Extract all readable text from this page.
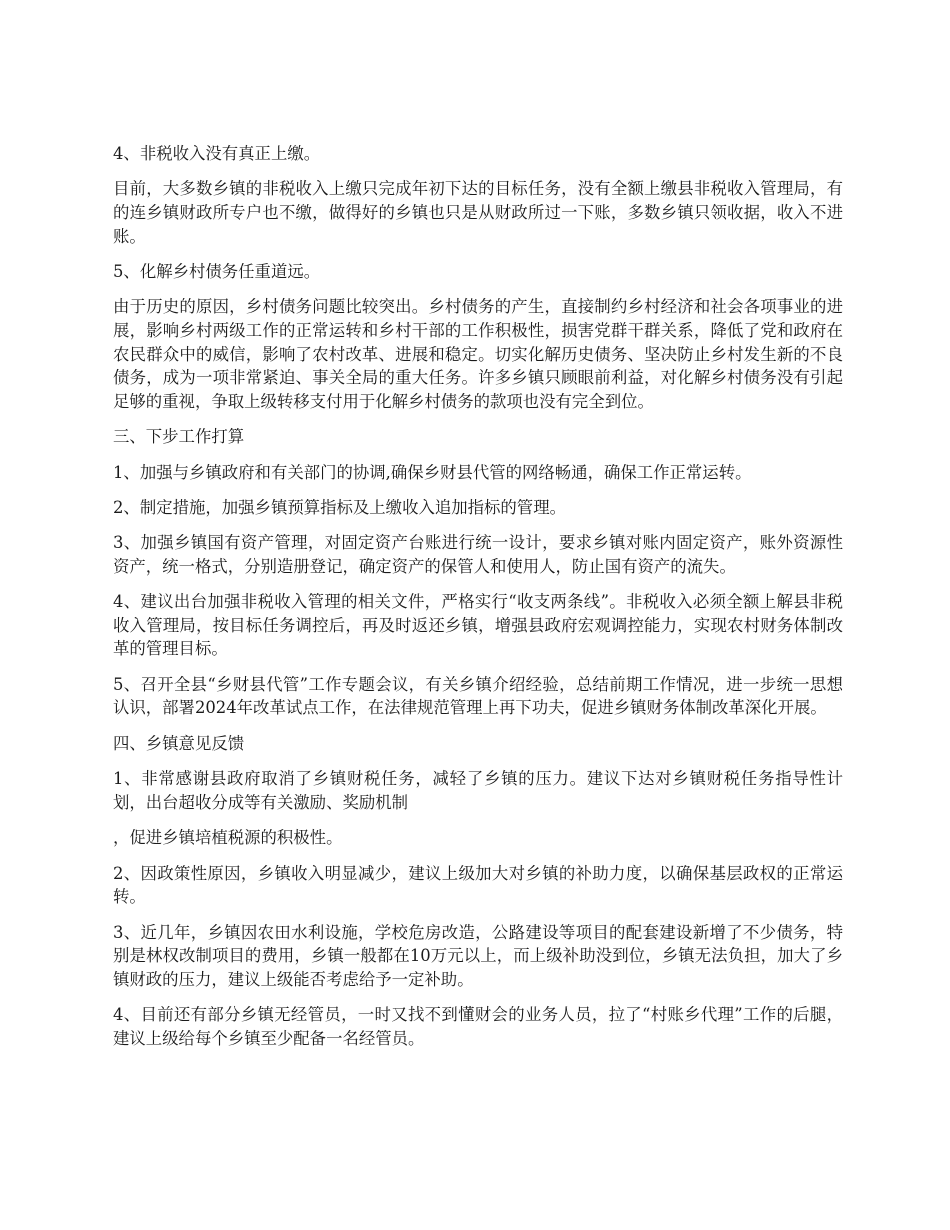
4、非税收入没有真正上缴。

目前，大多数乡镇的非税收入上缴只完成年初下达的目标任务，没有全额上缴县非税收入管理局，有的连乡镇财政所专户也不缴，做得好的乡镇也只是从财政所过一下账，多数乡镇只领收据，收入不进账。

5、化解乡村债务任重道远。

由于历史的原因，乡村债务问题比较突出。乡村债务的产生，直接制约乡村经济和社会各项事业的进展，影响乡村两级工作的正常运转和乡村干部的工作积极性，损害党群干群关系，降低了党和政府在农民群众中的威信，影响了农村改革、进展和稳定。切实化解历史债务、坚决防止乡村发生新的不良债务，成为一项非常紧迫、事关全局的重大任务。许多乡镇只顾眼前利益，对化解乡村债务没有引起足够的重视，争取上级转移支付用于化解乡村债务的款项也没有完全到位。

三、下步工作打算

1、加强与乡镇政府和有关部门的协调,确保乡财县代管的网络畅通，确保工作正常运转。

2、制定措施，加强乡镇预算指标及上缴收入追加指标的管理。

3、加强乡镇国有资产管理，对固定资产台账进行统一设计，要求乡镇对账内固定资产，账外资源性资产，统一格式，分别造册登记，确定资产的保管人和使用人，防止国有资产的流失。

4、建议出台加强非税收入管理的相关文件，严格实行“收支两条线”。非税收入必须全额上解县非税收入管理局，按目标任务调控后，再及时返还乡镇，增强县政府宏观调控能力，实现农村财务体制改革的管理目标。

5、召开全县“乡财县代管”工作专题会议，有关乡镇介绍经验，总结前期工作情况，进一步统一思想认识，部署2024年改革试点工作，在法律规范管理上再下功夫，促进乡镇财务体制改革深化开展。

四、乡镇意见反馈

1、非常感谢县政府取消了乡镇财税任务，减轻了乡镇的压力。建议下达对乡镇财税任务指导性计划，出台超收分成等有关激励、奖励机制

，促进乡镇培植税源的积极性。

2、因政策性原因，乡镇收入明显减少，建议上级加大对乡镇的补助力度，以确保基层政权的正常运转。

3、近几年，乡镇因农田水利设施，学校危房改造，公路建设等项目的配套建设新增了不少债务，特别是林权改制项目的费用，乡镇一般都在10万元以上，而上级补助没到位，乡镇无法负担，加大了乡镇财政的压力，建议上级能否考虑给予一定补助。

4、目前还有部分乡镇无经管员，一时又找不到懂财会的业务人员，拉了“村账乡代理”工作的后腿，建议上级给每个乡镇至少配备一名经管员。
